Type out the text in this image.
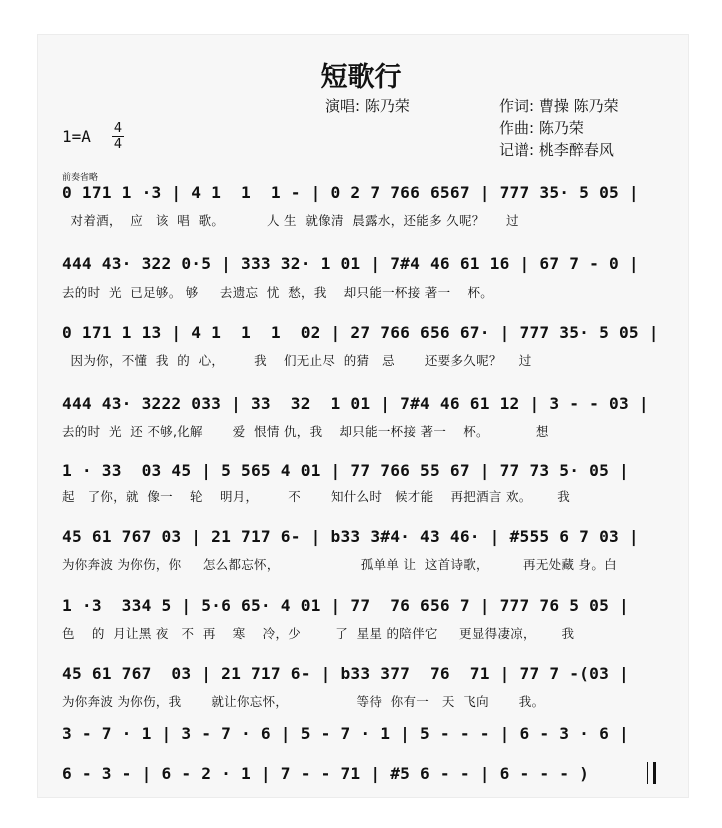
短歌行
演唱: 陈乃荣	作词: 曹操 陈乃荣
作曲: 陈乃荣
记谱: 桃李醉春风
1=A 4
4
前奏省略
0 171 1 ·3 | 4 1  1  1 - | 0 2 7 766 6567 | 777 35· 5 05 |
对着酒，  应   该  唱  歌。          人 生  就像清  晨露水，还能多 久呢？     过
444 43· 322 0·5 | 333 32· 1 01 | 7#4 46 61 16 | 67 7 - 0 |
去的时  光  已足够。 够     去遗忘  忧  愁，我    却只能一杯接 著一    杯。
0 171 1 13 | 4 1  1  1  02 | 27 766 656 67· | 777 35· 5 05 |
因为你，不懂  我  的  心，       我    们无止尽  的猜   忌       还要多久呢？    过
444 43· 3222 033 | 33  32  1 01 | 7#4 46 61 12 | 3 - - 03 |
去的时  光  还 不够,化解       爱  恨情 仇，我    却只能一杯接 著一    杯。           想
1 · 33  03 45 | 5 565 4 01 | 77 766 55 67 | 77 73 5· 05 |
起   了你，就  像一    轮    明月，       不       知什么时   候才能    再把酒言 欢。      我
45 61 767 03 | 21 717 6- | b33 3#4· 43 46· | #555 6 7 03 |
为你奔波 为你伤，你     怎么都忘怀，                   孤单单 让  这首诗歌，        再无处藏 身。白
1 ·3  334 5 | 5·6 65· 4 01 | 77  76 656 7 | 777 76 5 05 |
色    的  月让黑 夜   不  再    寒    冷，少        了  星星 的陪伴它     更显得凄凉，      我
45 61 767  03 | 21 717 6- | b33 377  76  71 | 77 7 -(03 |
为你奔波 为你伤，我       就让你忘怀，                等待  你有一   天  飞向       我。
3 - 7 · 1 | 3 - 7 · 6 | 5 - 7 · 1 | 5 - - - | 6 - 3 · 6 |
6 - 3 - | 6 - 2 · 1 | 7 - - 71 | #5 6 - - | 6 - - - )
